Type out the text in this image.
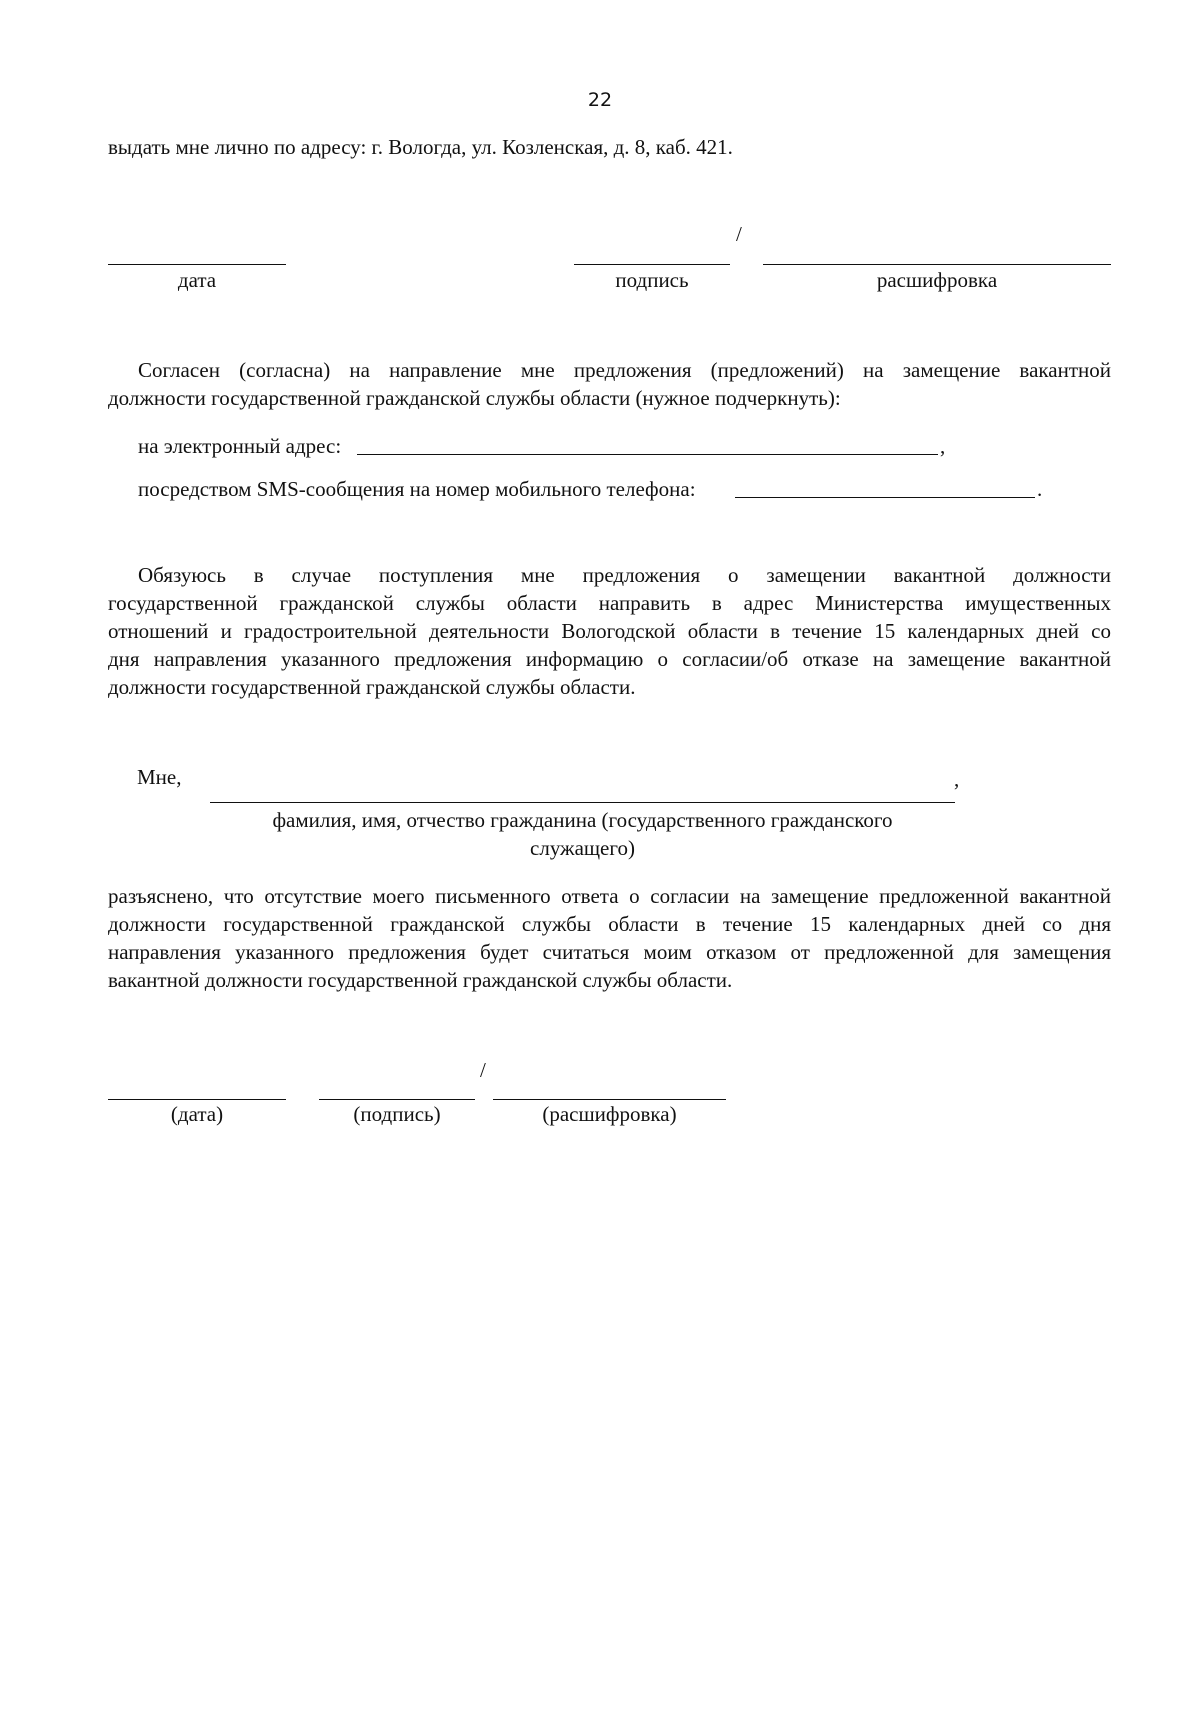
22
выдать мне лично по адресу: г. Вологда, ул. Козленская, д. 8, каб. 421.
/
дата	подпись	расшифровка
Согласен (согласна) на направление мне предложения (предложений) на замещение вакантной
должности государственной гражданской службы области (нужное подчеркнуть):
на электронный адрес:	,
посредством SMS-сообщения на номер мобильного телефона:	.
Обязуюсь в случае поступления мне предложения о замещении вакантной должности
государственной гражданской службы области направить в адрес Министерства имущественных
отношений и градостроительной деятельности Вологодской области в течение 15 календарных дней со
дня направления указанного предложения информацию о согласии/об отказе на замещение вакантной
должности государственной гражданской службы области.
Мне,	,
фамилия, имя, отчество гражданина (государственного гражданского
служащего)
разъяснено, что отсутствие моего письменного ответа о согласии на замещение предложенной вакантной
должности государственной гражданской службы области в течение 15 календарных дней со дня
направления указанного предложения будет считаться моим отказом от предложенной для замещения
вакантной должности государственной гражданской службы области.
/
(дата)	(подпись)	(расшифровка)
